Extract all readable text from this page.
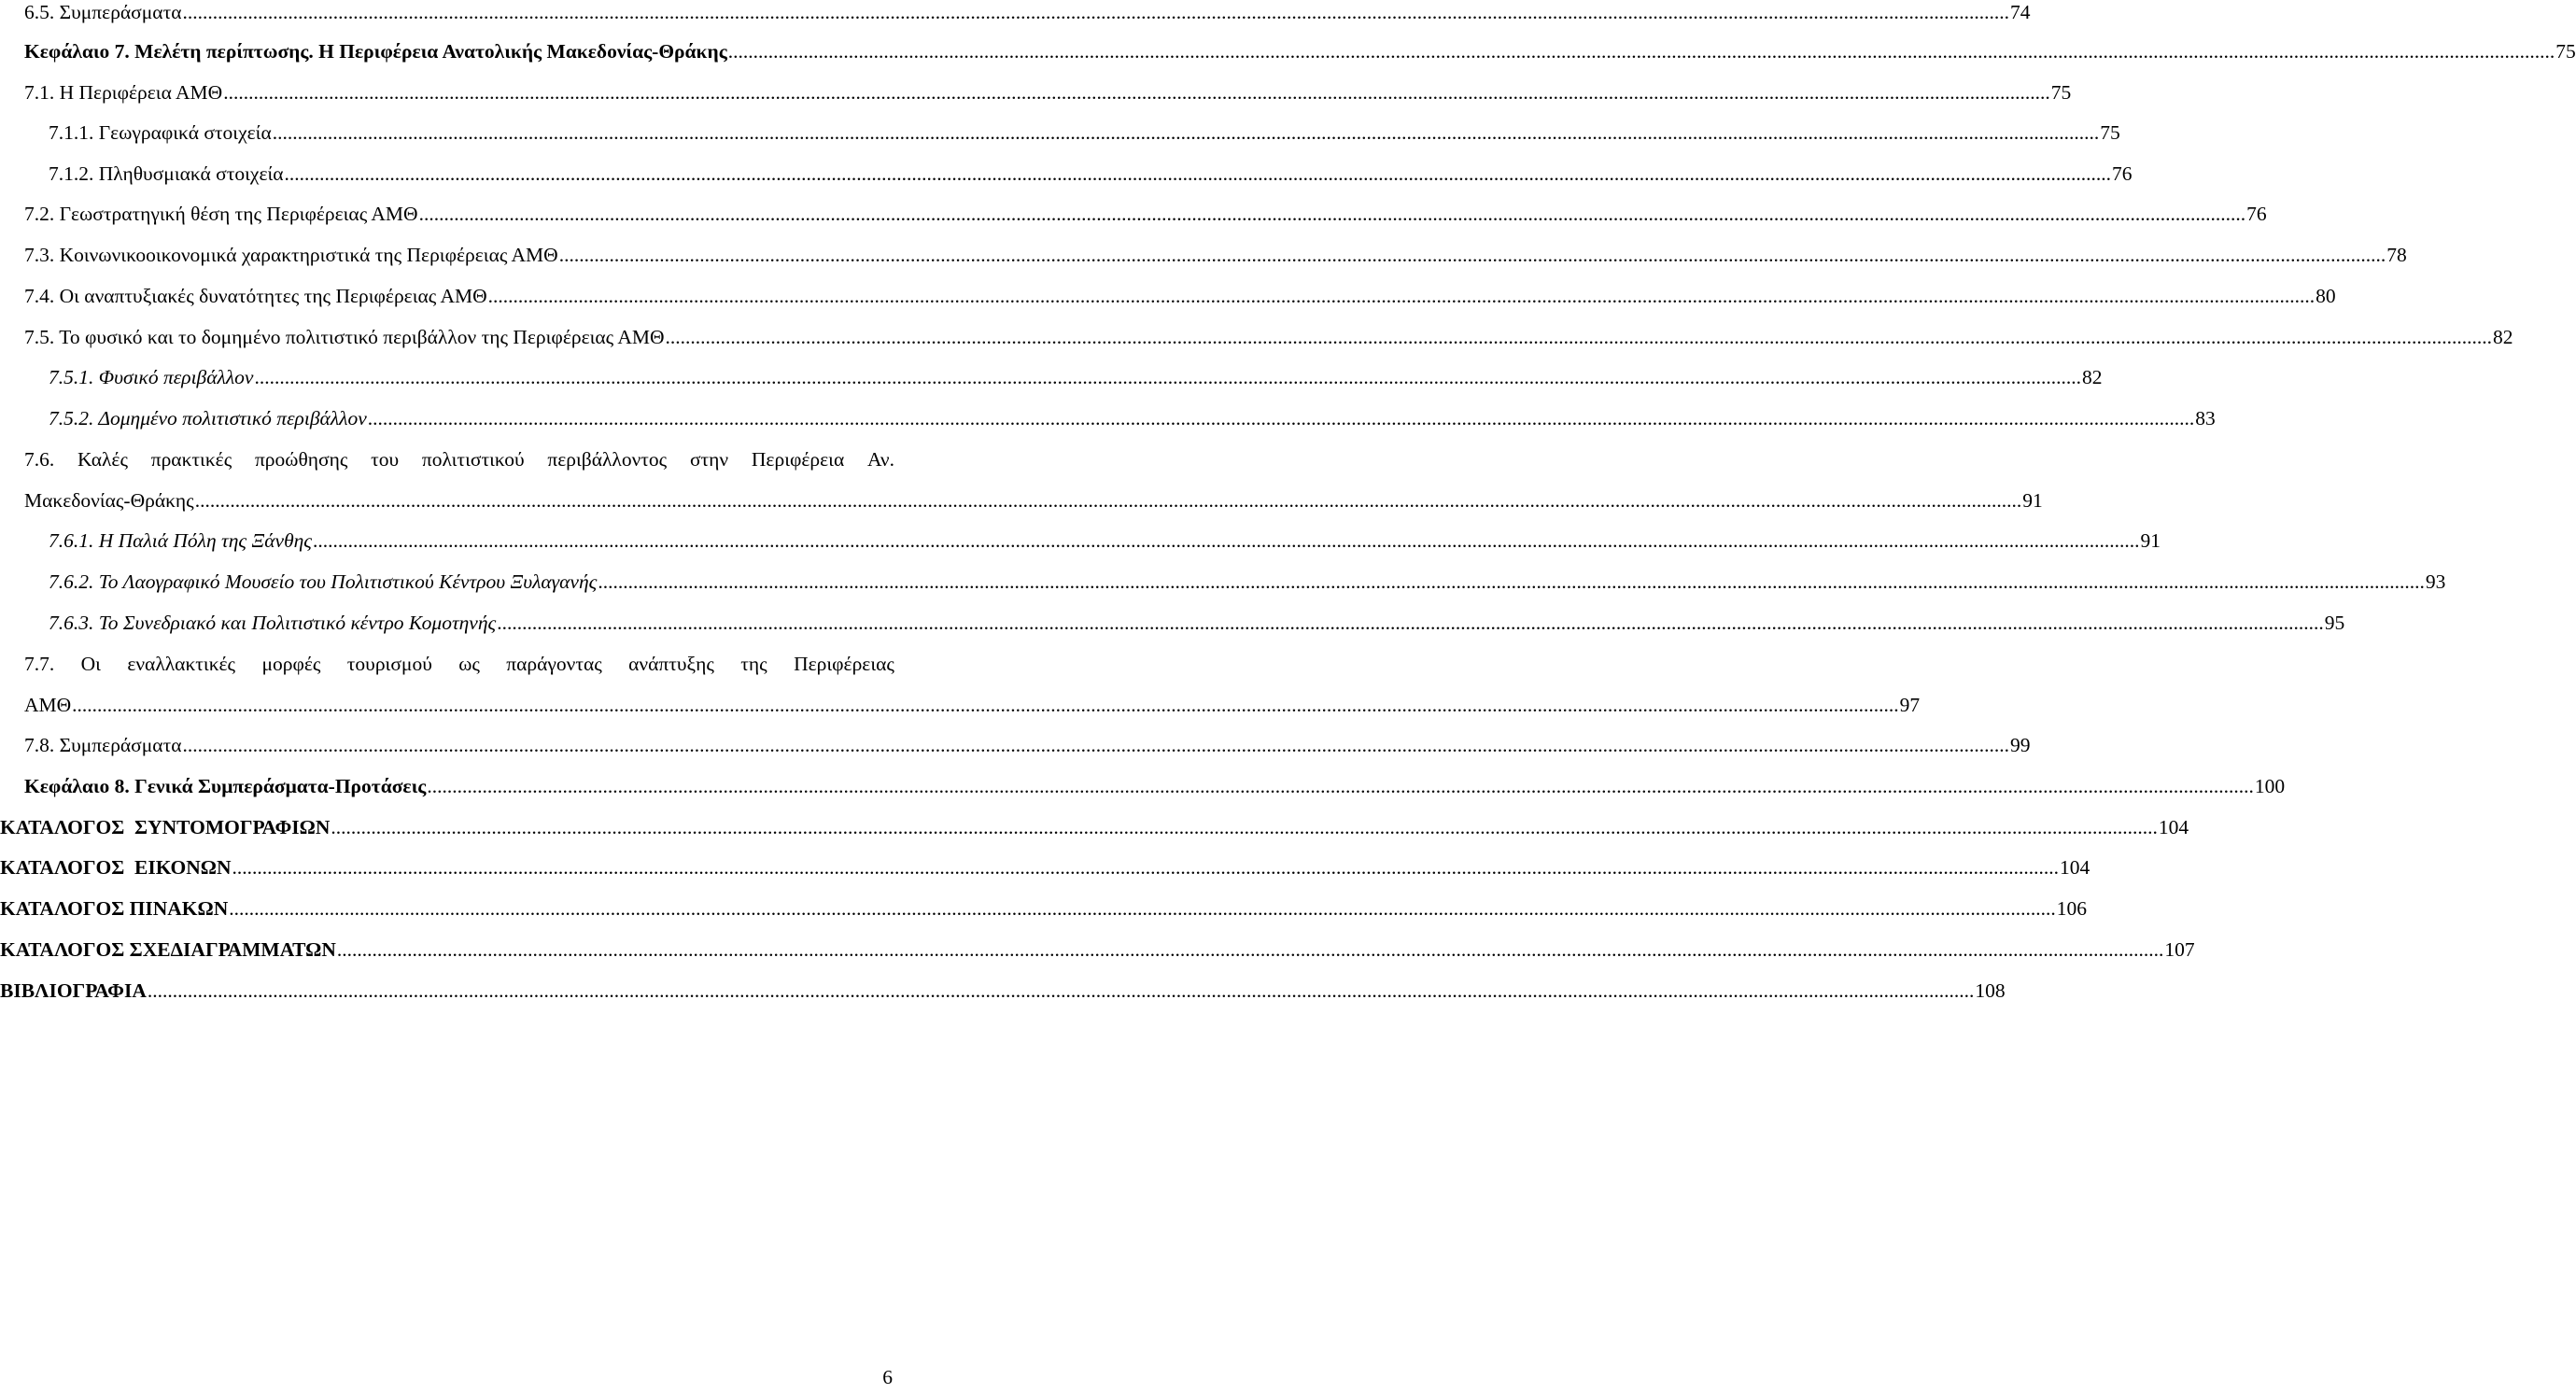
6.5. Συμπεράσματα .....	74
Κεφάλαιο 7. Μελέτη περίπτωσης. Η Περιφέρεια Ανατολικής Μακεδονίας-Θράκης .....	75
7.1. Η Περιφέρεια ΑΜΘ .....	75
7.1.1. Γεωγραφικά στοιχεία .....	75
7.1.2. Πληθυσμιακά στοιχεία .....	76
7.2. Γεωστρατηγική θέση της Περιφέρειας ΑΜΘ .....	76
7.3. Κοινωνικοοικονομικά χαρακτηριστικά της Περιφέρειας ΑΜΘ .....	78
7.4. Οι αναπτυξιακές δυνατότητες της Περιφέρειας ΑΜΘ .....	80
7.5. Το φυσικό και το δομημένο πολιτιστικό περιβάλλον της Περιφέρειας ΑΜΘ .....	82
7.5.1. Φυσικό περιβάλλον .....	82
7.5.2. Δομημένο πολιτιστικό περιβάλλον .....	83
7.6. Καλές πρακτικές προώθησης του πολιτιστικού περιβάλλοντος στην Περιφέρεια Αν.
Μακεδονίας-Θράκης .....	91
7.6.1. Η Παλιά Πόλη της Ξάνθης .....	91
7.6.2. Το Λαογραφικό Μουσείο του Πολιτιστικού Κέντρου Ξυλαγανής .....	93
7.6.3. Το Συνεδριακό και Πολιτιστικό κέντρο Κομοτηνής .....	95
7.7. Οι εναλλακτικές μορφές τουρισμού ως παράγοντας ανάπτυξης της Περιφέρειας
ΑΜΘ .....	97
7.8. Συμπεράσματα .....	99
Κεφάλαιο 8. Γενικά Συμπεράσματα-Προτάσεις .....	100
ΚΑΤΑΛΟΓΟΣ  ΣΥΝΤΟΜΟΓΡΑΦΙΩΝ .....	104
ΚΑΤΑΛΟΓΟΣ  ΕΙΚΟΝΩΝ .....	104
ΚΑΤΑΛΟΓΟΣ ΠΙΝΑΚΩΝ .....	106
ΚΑΤΑΛΟΓΟΣ ΣΧΕΔΙΑΓΡΑΜΜΑΤΩΝ .....	107
ΒΙΒΛΙΟΓΡΑΦΙΑ .....	108
6
